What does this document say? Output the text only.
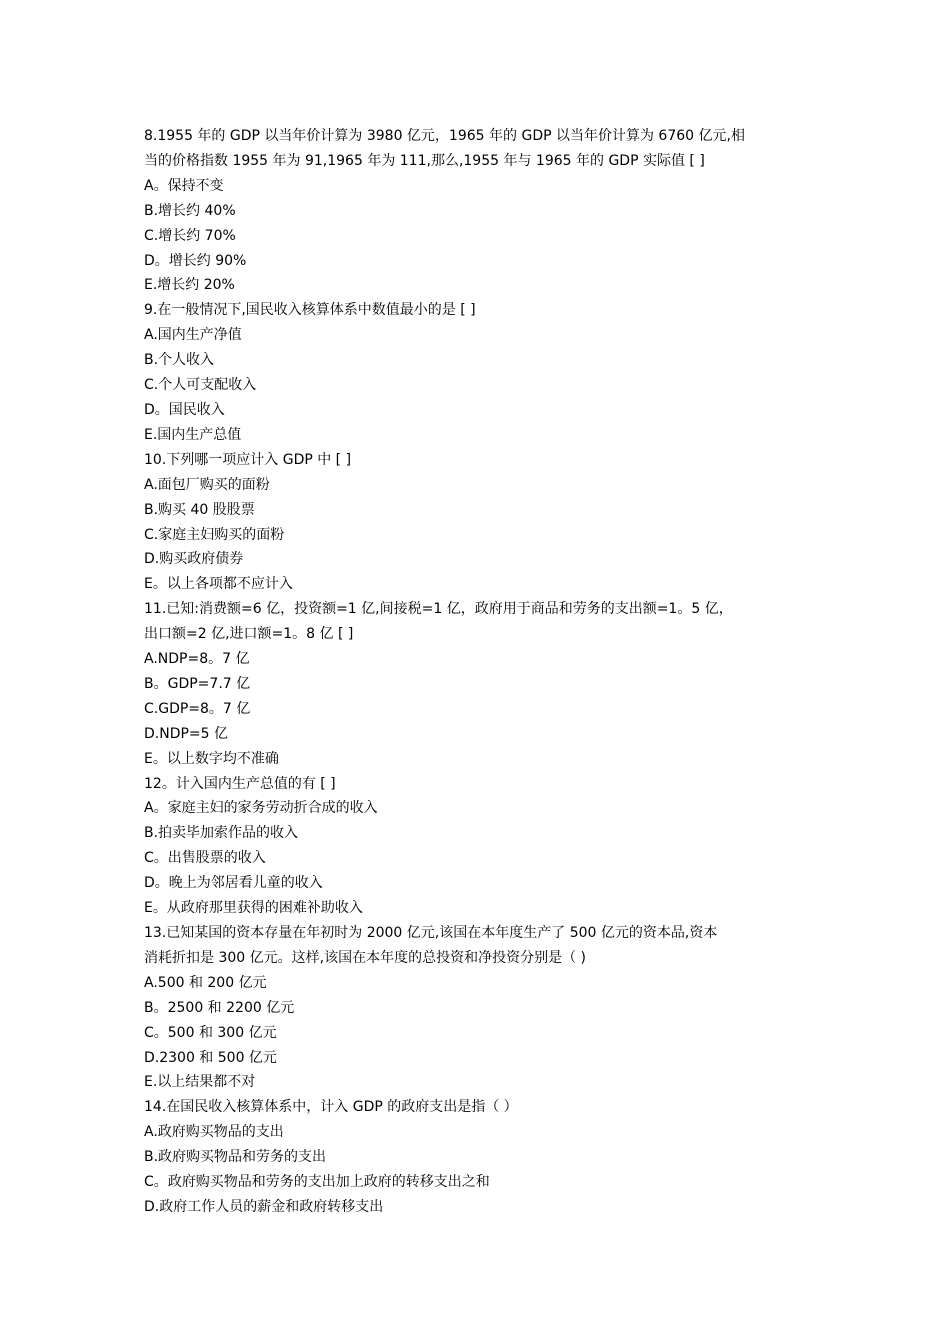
8.1955 年的 GDP 以当年价计算为 3980 亿元，1965 年的 GDP 以当年价计算为 6760 亿元,相
当的价格指数 1955 年为 91,1965 年为 111,那么,1955 年与 1965 年的 GDP 实际值 [ ]
A。保持不变
B.增长约 40%
C.增长约 70%
D。增长约 90%
E.增长约 20%
9.在一般情况下,国民收入核算体系中数值最小的是 [ ]
A.国内生产净值
B.个人收入
C.个人可支配收入
D。国民收入
E.国内生产总值
10.下列哪一项应计入 GDP 中 [ ]
A.面包厂购买的面粉
B.购买 40 股股票
C.家庭主妇购买的面粉
D.购买政府债券
E。以上各项都不应计入
11.已知:消费额=6 亿，投资额=1 亿,间接税=1 亿，政府用于商品和劳务的支出额=1。5 亿，
出口额=2 亿,进口额=1。8 亿 [ ]
A.NDP=8。7 亿
B。GDP=7.7 亿
C.GDP=8。7 亿
D.NDP=5 亿
E。以上数字均不准确
12。计入国内生产总值的有 [ ]
A。家庭主妇的家务劳动折合成的收入
B.拍卖毕加索作品的收入
C。出售股票的收入
D。晚上为邻居看儿童的收入
E。从政府那里获得的困难补助收入
13.已知某国的资本存量在年初时为 2000 亿元,该国在本年度生产了 500 亿元的资本品,资本
消耗折扣是 300 亿元。这样,该国在本年度的总投资和净投资分别是（ )
A.500 和 200 亿元
B。2500 和 2200 亿元
C。500 和 300 亿元
D.2300 和 500 亿元
E.以上结果都不对
14.在国民收入核算体系中，计入 GDP 的政府支出是指（ ）
A.政府购买物品的支出
B.政府购买物品和劳务的支出
C。政府购买物品和劳务的支出加上政府的转移支出之和
D.政府工作人员的薪金和政府转移支出
